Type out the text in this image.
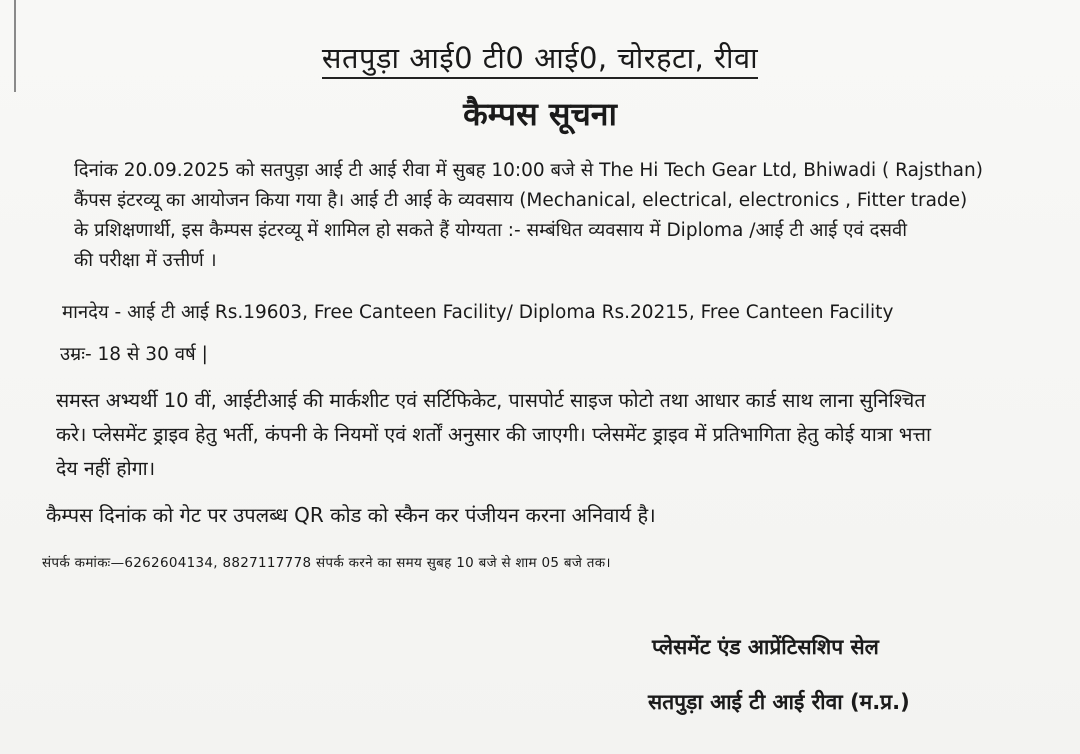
सतपुड़ा आई0 टी0 आई0, चोरहटा, रीवा
कैम्पस सूचना
दिनांक 20.09.2025 को सतपुड़ा आई टी आई रीवा में सुबह 10:00 बजे से The Hi Tech Gear Ltd, Bhiwadi ( Rajsthan)
कैंपस इंटरव्यू का आयोजन किया गया है। आई टी आई के व्यवसाय (Mechanical, electrical, electronics , Fitter trade)
के प्रशिक्षणार्थी, इस कैम्पस इंटरव्यू में शामिल हो सकते हैं योग्यता :- सम्बंधित व्यवसाय में Diploma /आई टी आई एवं दसवी
की परीक्षा में उत्तीर्ण ।
मानदेय - आई टी आई Rs.19603, Free Canteen Facility/ Diploma Rs.20215, Free Canteen Facility
उम्रः- 18 से 30 वर्ष |
समस्त अभ्यर्थी 10 वीं, आईटीआई की मार्कशीट एवं सर्टिफिकेट, पासपोर्ट साइज फोटो तथा आधार कार्ड साथ लाना सुनिश्चित
करे। प्लेसमेंट ड्राइव हेतु भर्ती, कंपनी के नियमों एवं शर्तों अनुसार की जाएगी। प्लेसमेंट ड्राइव में प्रतिभागिता हेतु कोई यात्रा भत्ता
देय नहीं होगा।
कैम्पस दिनांक को गेट पर उपलब्ध QR कोड को स्कैन कर पंजीयन करना अनिवार्य है।
संपर्क कमांकः—6262604134, 8827117778 संपर्क करने का समय सुबह 10 बजे से शाम 05 बजे तक।
प्लेसमेंट एंड आप्रेंटिसशिप सेल
सतपुड़ा आई टी आई रीवा (म.प्र.)
